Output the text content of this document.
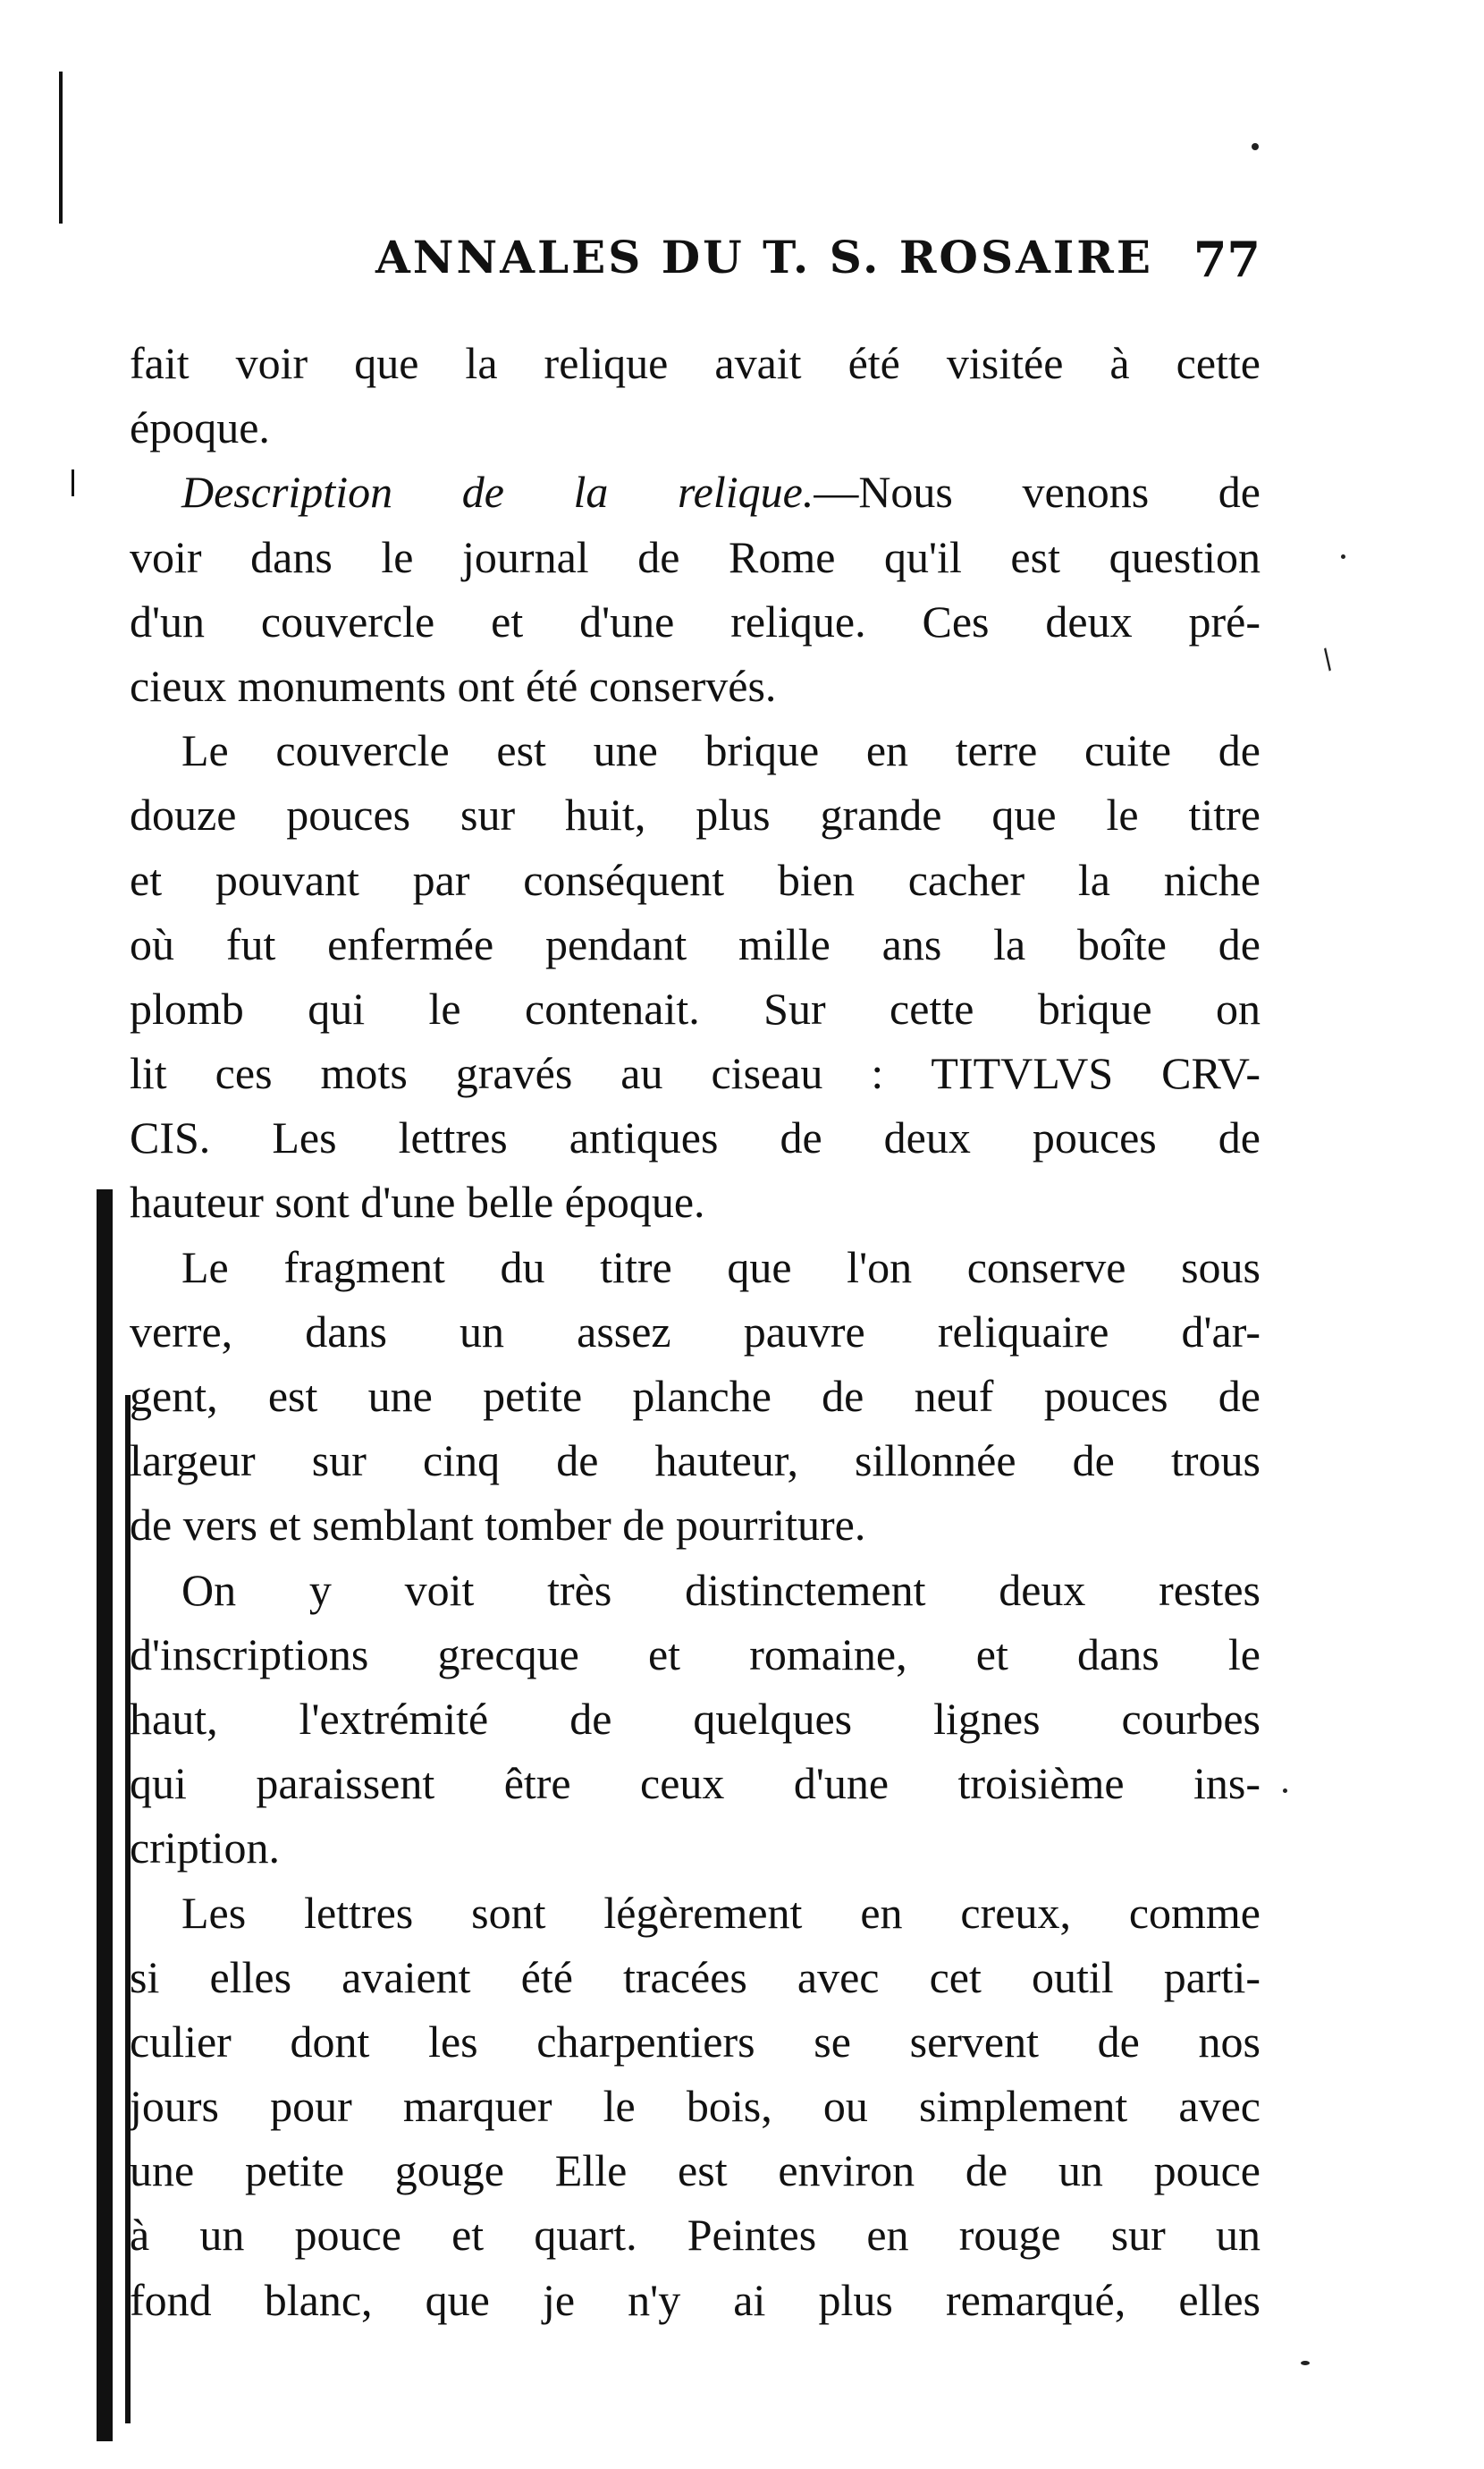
∕
ANNALES DU T. S. ROSAIRE 77
fait voir que la relique avait été visitée à cette
époque.
Description de la relique.—Nous venons de
voir dans le journal de Rome qu'il est question
d'un couvercle et d'une relique. Ces deux pré-
cieux monuments ont été conservés.
Le couvercle est une brique en terre cuite de
douze pouces sur huit, plus grande que le titre
et pouvant par conséquent bien cacher la niche
où fut enfermée pendant mille ans la boîte de
plomb qui le contenait. Sur cette brique on
lit ces mots gravés au ciseau : TITVLVS CRV-
CIS. Les lettres antiques de deux pouces de
hauteur sont d'une belle époque.
Le fragment du titre que l'on conserve sous
verre, dans un assez pauvre reliquaire d'ar-
gent, est une petite planche de neuf pouces de
largeur sur cinq de hauteur, sillonnée de trous
de vers et semblant tomber de pourriture.
On y voit très distinctement deux restes
d'inscriptions grecque et romaine, et dans le
haut, l'extrémité de quelques lignes courbes
qui paraissent être ceux d'une troisième ins-
cription.
Les lettres sont légèrement en creux, comme
si elles avaient été tracées avec cet outil parti-
culier dont les charpentiers se servent de nos
jours pour marquer le bois, ou simplement avec
une petite gouge Elle est environ de un pouce
à un pouce et quart. Peintes en rouge sur un
fond blanc, que je n'y ai plus remarqué, elles
